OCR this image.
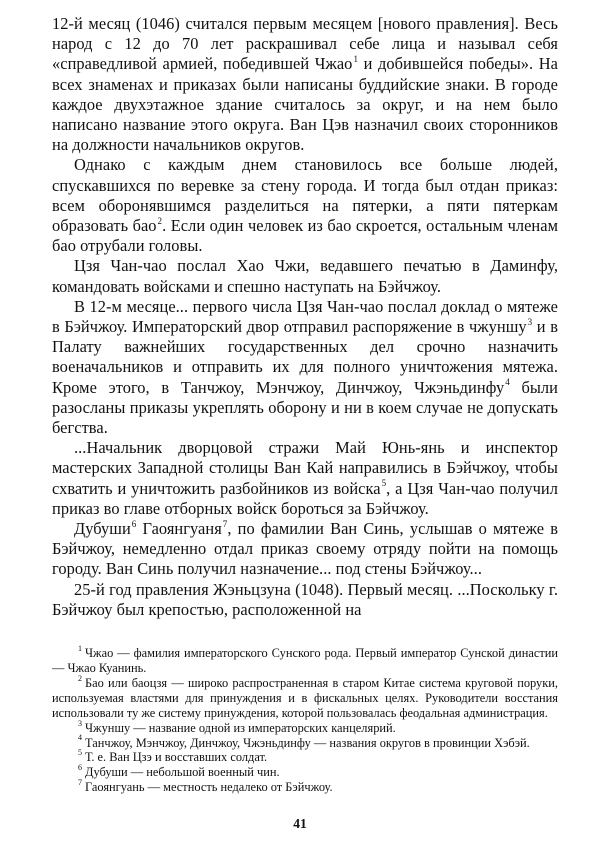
12-й месяц (1046) считался первым месяцем [нового правления]. Весь народ с 12 до 70 лет раскрашивал себе лица и называл себя «справедливой армией, победившей Чжао$^1$ и добившейся победы». На всех знаменах и приказах были написаны буддийские знаки. В городе каждое двухэтажное здание считалось за округ, и на нем было написано название этого округа. Ван Цэв назначил своих сторонников на должности начальников округов.

Однако с каждым днем становилось все больше людей, спускавшихся по веревке за стену города. И тогда был отдан приказ: всем оборонявшимся разделиться на пятерки, а пяти пятеркам образовать бао$^2$. Если один человек из бао скроется, остальным членам бао отрубали головы.

Цзя Чан-чао послал Хао Чжи, ведавшего печатью в Даминфу, командовать войсками и спешно наступать на Бэйчжоу.

В 12-м месяце... первого числа Цзя Чан-чао послал доклад о мятеже в Бэйчжоу. Императорский двор отправил распоряжение в чжуншу$^3$ и в Палату важнейших государственных дел срочно назначить военачальников и отправить их для полного уничтожения мятежа. Кроме этого, в Танчжоу, Мэнчжоу, Динчжоу, Чжэньдинфу$^4$ были разосланы приказы укреплять оборону и ни в коем случае не допускать бегства.

...Начальник дворцовой стражи Май Юнь-янь и инспектор мастерских Западной столицы Ван Кай направились в Бэйчжоу, чтобы схватить и уничтожить разбойников из войска$^5$, а Цзя Чан-чао получил приказ во главе отборных войск бороться за Бэйчжоу.

Дубуши$^6$ Гаоянгуаня$^7$, по фамилии Ван Синь, услышав о мятеже в Бэйчжоу, немедленно отдал приказ своему отряду пойти на помощь городу. Ван Синь получил назначение... под стены Бэйчжоу...

25-й год правления Жэньцзуна (1048). Первый месяц. ...Поскольку г. Бэйчжоу был крепостью, расположенной на

$^1$ Чжао — фамилия императорского Сунского рода. Первый император Сунской династии — Чжао Куанинь.

$^2$ Бао или баоцзя — широко распространенная в старом Китае система круговой поруки, используемая властями для принуждения и в фискальных целях. Руководители восстания использовали ту же систему принуждения, которой пользовалась феодальная администрация.

$^3$ Чжуншу — название одной из императорских канцелярий.

$^4$ Танчжоу, Мэнчжоу, Динчжоу, Чжэньдинфу — названия округов в провинции Хэбэй.

$^5$ Т. е. Ван Цзэ и восставших солдат.

$^6$ Дубуши — небольшой военный чин.

$^7$ Гаоянгуань — местность недалеко от Бэйчжоу.

41
